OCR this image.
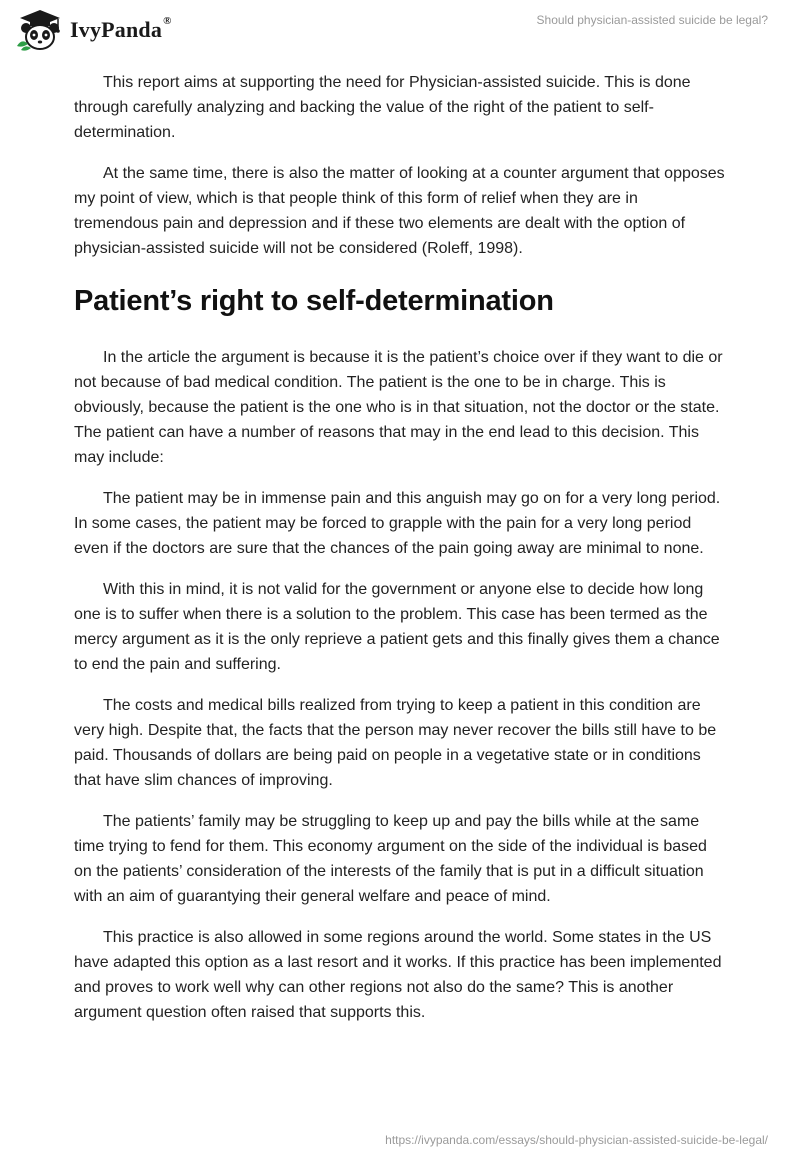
IvyPanda®	Should physician-assisted suicide be legal?

This report aims at supporting the need for Physician-assisted suicide. This is done through carefully analyzing and backing the value of the right of the patient to self-determination.

At the same time, there is also the matter of looking at a counter argument that opposes my point of view, which is that people think of this form of relief when they are in tremendous pain and depression and if these two elements are dealt with the option of physician-assisted suicide will not be considered (Roleff, 1998).

Patient’s right to self-determination

In the article the argument is because it is the patient’s choice over if they want to die or not because of bad medical condition. The patient is the one to be in charge. This is obviously, because the patient is the one who is in that situation, not the doctor or the state. The patient can have a number of reasons that may in the end lead to this decision. This may include:

The patient may be in immense pain and this anguish may go on for a very long period. In some cases, the patient may be forced to grapple with the pain for a very long period even if the doctors are sure that the chances of the pain going away are minimal to none.

With this in mind, it is not valid for the government or anyone else to decide how long one is to suffer when there is a solution to the problem. This case has been termed as the mercy argument as it is the only reprieve a patient gets and this finally gives them a chance to end the pain and suffering.

The costs and medical bills realized from trying to keep a patient in this condition are very high. Despite that, the facts that the person may never recover the bills still have to be paid. Thousands of dollars are being paid on people in a vegetative state or in conditions that have slim chances of improving.

The patients’ family may be struggling to keep up and pay the bills while at the same time trying to fend for them. This economy argument on the side of the individual is based on the patients’ consideration of the interests of the family that is put in a difficult situation with an aim of guarantying their general welfare and peace of mind.

This practice is also allowed in some regions around the world. Some states in the US have adapted this option as a last resort and it works. If this practice has been implemented and proves to work well why can other regions not also do the same? This is another argument question often raised that supports this.

https://ivypanda.com/essays/should-physician-assisted-suicide-be-legal/
